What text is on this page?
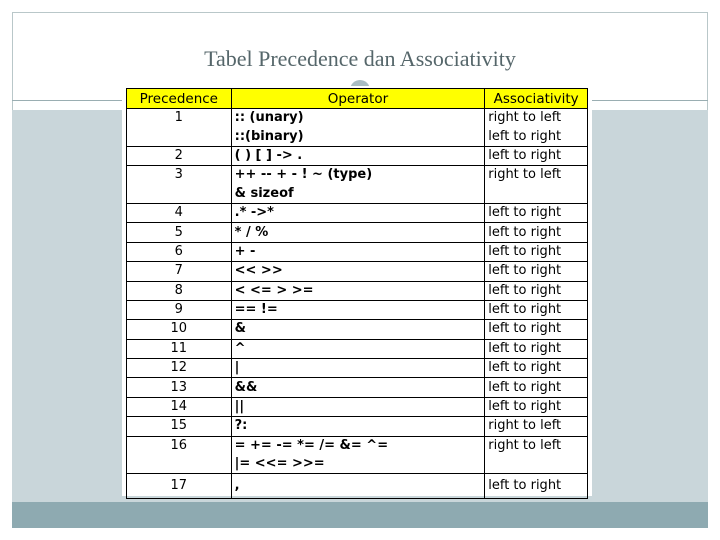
Tabel Precedence dan Associativity
Precedence	Operator	Associativity
1	:: (unary)	right to left
	::(binary)	left to right
2	( ) [ ] -> .	left to right
3	++ -- + - ! ~ (type)	right to left
	& sizeof	
4	.* ->*	left to right
5	* / %	left to right
6	+ -	left to right
7	<< >>	left to right
8	< <= > >=	left to right
9	== !=	left to right
10	&	left to right
11	^	left to right
12	|	left to right
13	&&	left to right
14	||	left to right
15	?:	right to left
16	= += -= *= /= &= ^=	right to left
	|= <<= >>=	
17	,	left to right
